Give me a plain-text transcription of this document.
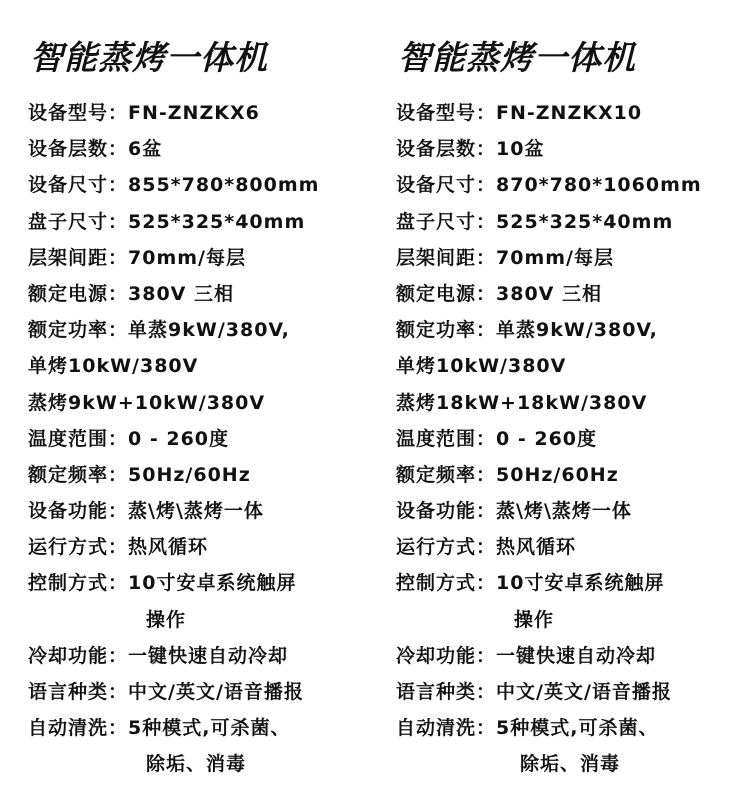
智能蒸烤一体机
设备型号：FN-ZNZKX6
设备层数：6盆
设备尺寸：855*780*800mm
盘子尺寸：525*325*40mm
层架间距：70mm/每层
额定电源：380V 三相
额定功率：单蒸9kW/380V,
单烤10kW/380V
蒸烤9kW+10kW/380V
温度范围：0 - 260度
额定频率：50Hz/60Hz
设备功能：蒸\烤\蒸烤一体
运行方式：热风循环
控制方式：10寸安卓系统触屏
操作
冷却功能：一键快速自动冷却
语言种类：中文/英文/语音播报
自动清洗：5种模式,可杀菌、
除垢、消毒
智能蒸烤一体机
设备型号：FN-ZNZKX10
设备层数：10盆
设备尺寸：870*780*1060mm
盘子尺寸：525*325*40mm
层架间距：70mm/每层
额定电源：380V 三相
额定功率：单蒸9kW/380V,
单烤10kW/380V
蒸烤18kW+18kW/380V
温度范围：0 - 260度
额定频率：50Hz/60Hz
设备功能：蒸\烤\蒸烤一体
运行方式：热风循环
控制方式：10寸安卓系统触屏
操作
冷却功能：一键快速自动冷却
语言种类：中文/英文/语音播报
自动清洗：5种模式,可杀菌、
除垢、消毒
